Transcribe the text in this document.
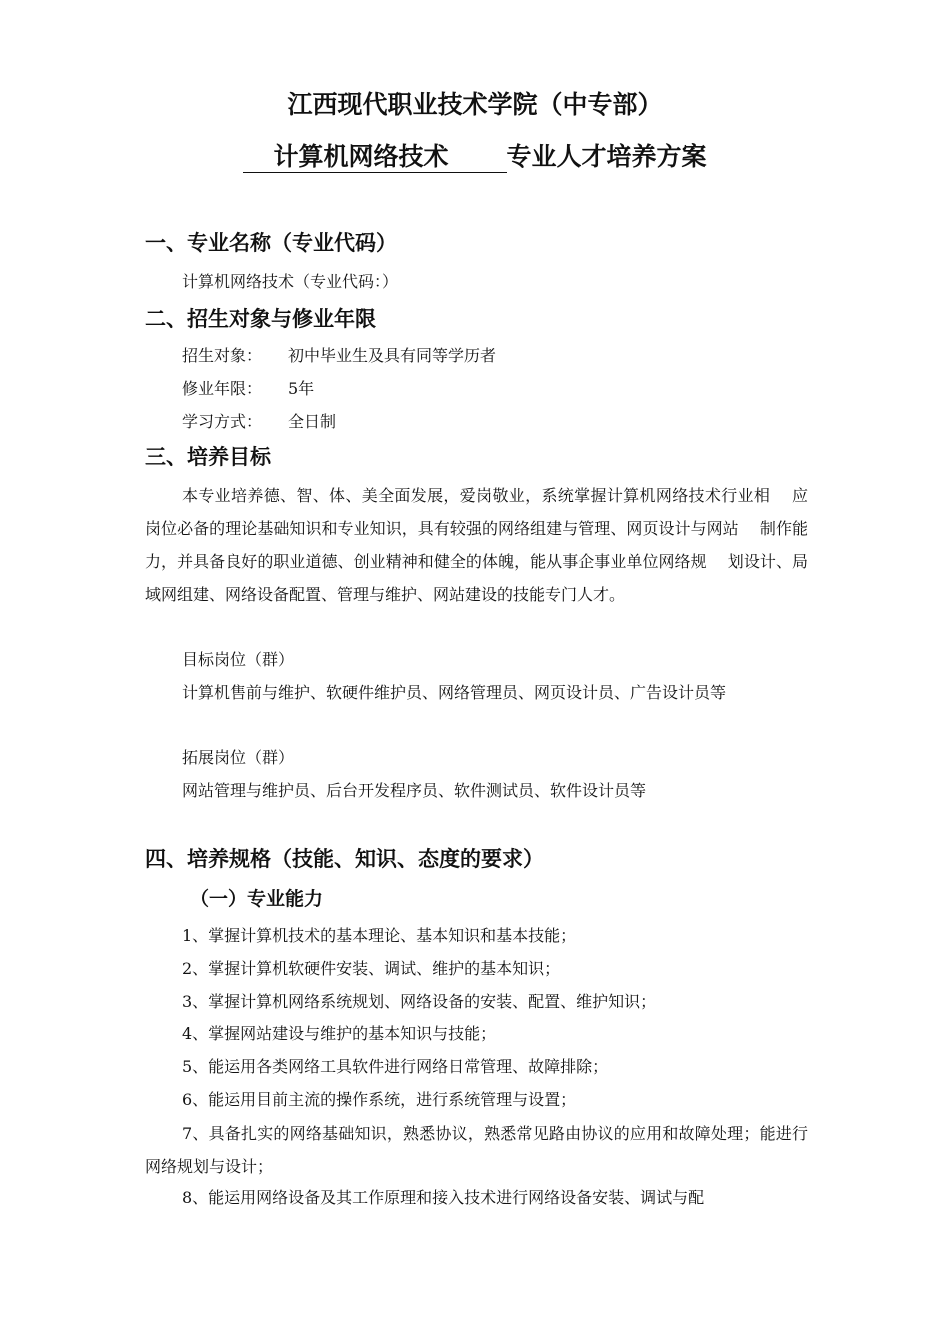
江西现代职业技术学院（中专部）
计算机网络技术 专业人才培养方案
一、专业名称（专业代码）

计算机网络技术（专业代码：）

二、招生对象与修业年限

招生对象： 初中毕业生及具有同等学历者

修业年限： 5年

学习方式： 全日制

三、培养目标

本专业培养德、智、体、美全面发展，爱岗敬业，系统掌握计算机网络技术行业相　 应岗位必备的理论基础知识和专业知识，具有较强的网络组建与管理、网页设计与网站　 制作能力，并具备良好的职业道德、创业精神和健全的体魄，能从事企事业单位网络规　 划设计、局域网组建、网络设备配置、管理与维护、网站建设的技能专门人才。

目标岗位（群）

计算机售前与维护、软硬件维护员、网络管理员、网页设计员、广告设计员等

拓展岗位（群）

网站管理与维护员、后台开发程序员、软件测试员、软件设计员等

四、培养规格（技能、知识、态度的要求）
（一）专业能力

1、掌握计算机技术的基本理论、基本知识和基本技能；

2、掌握计算机软硬件安装、调试、维护的基本知识；

3、掌握计算机网络系统规划、网络设备的安装、配置、维护知识；

4、掌握网站建设与维护的基本知识与技能；

5、能运用各类网络工具软件进行网络日常管理、故障排除；

6、能运用目前主流的操作系统，进行系统管理与设置；

7、具备扎实的网络基础知识，熟悉协议，熟悉常见路由协议的应用和故障处理；能进行网络规划与设计；

8、能运用网络设备及其工作原理和接入技术进行网络设备安装、调试与配
